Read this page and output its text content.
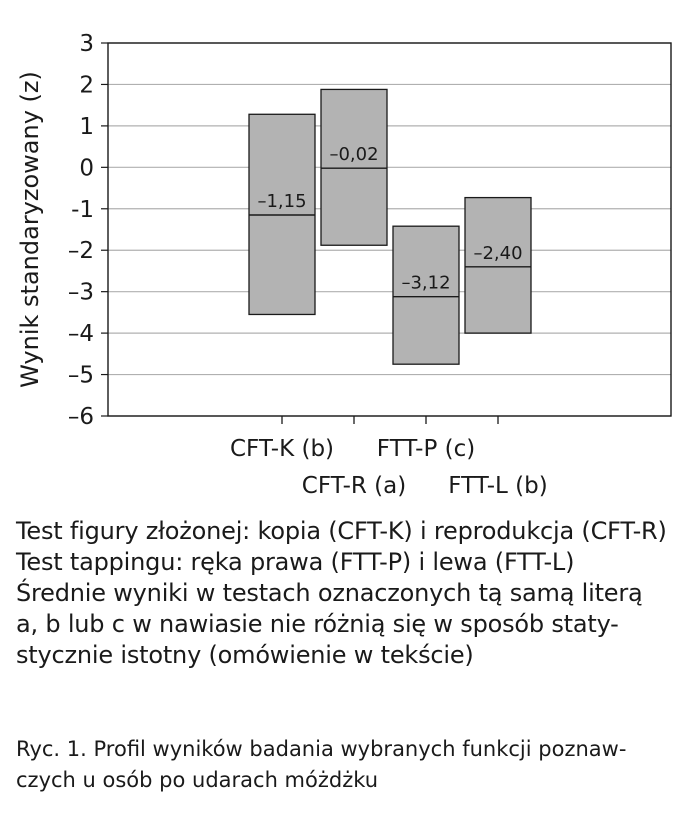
3
2
1
0
-1
–2
–3
–4
–5
–6
Wynik standaryzowany (z)	–1,15
CFT-K (b)
–0,02
CFT-R (a)
–3,12
FTT-P (c)
–2,40
FTT-L (b)
Test figury złożonej: kopia (CFT-K) i reprodukcja (CFT-R)
Test tappingu: ręka prawa (FTT-P) i lewa (FTT-L)
Średnie wyniki w testach oznaczonych tą samą literą
a, b lub c w nawiasie nie różnią się w sposób staty-
stycznie istotny (omówienie w tekście)
Ryc. 1. Profil wyników badania wybranych funkcji poznaw-
czych u osób po udarach móżdżku
